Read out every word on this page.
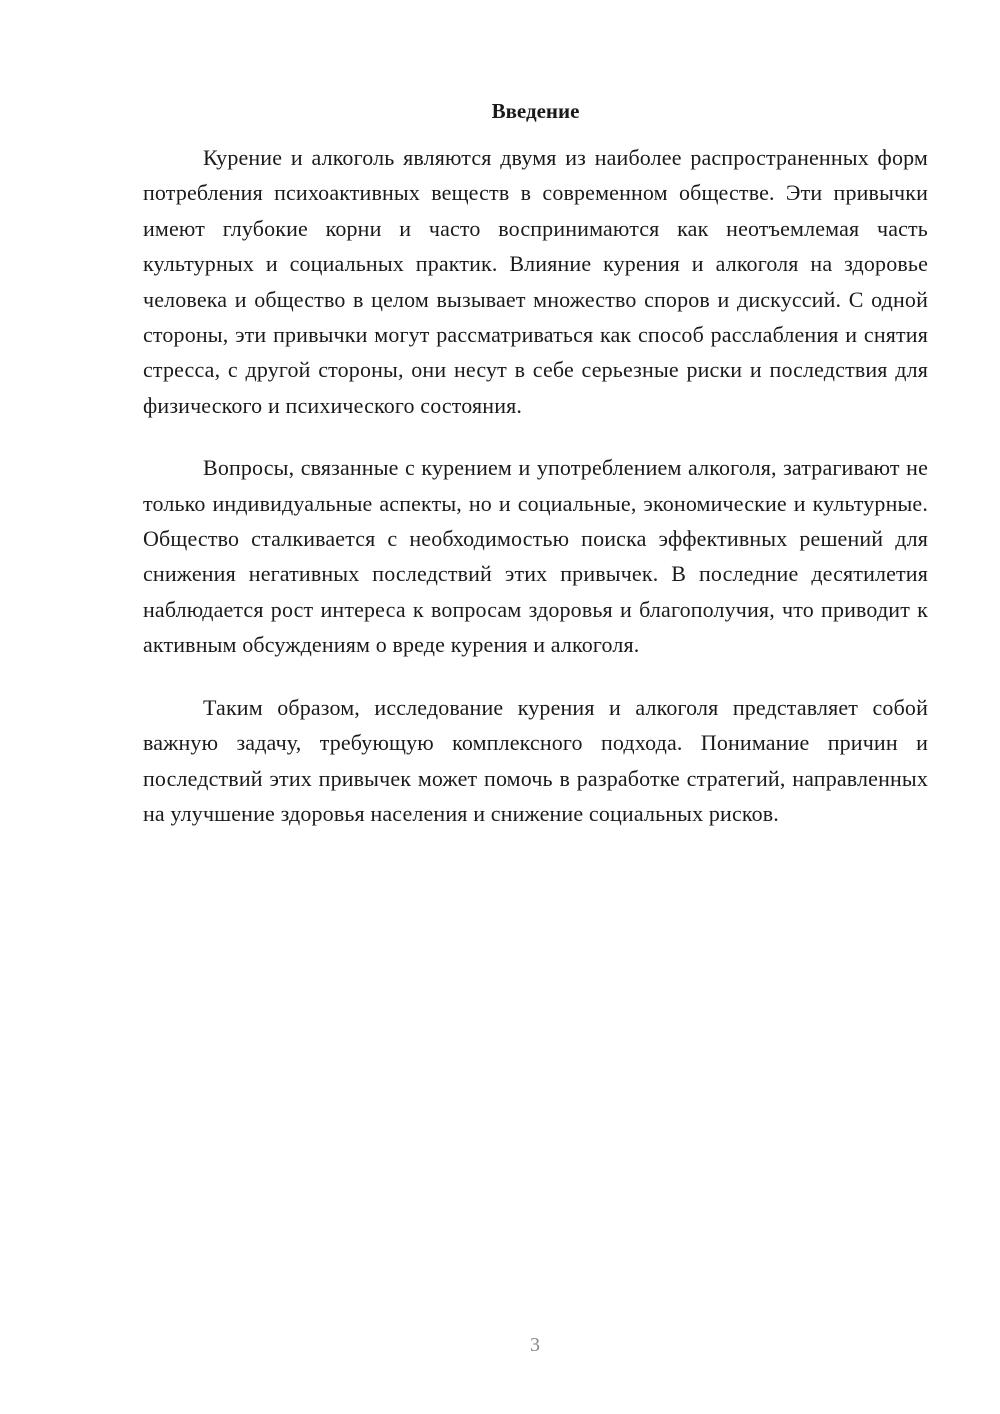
Введение

Курение и алкоголь являются двумя из наиболее распространенных форм потребления психоактивных веществ в современном обществе. Эти привычки имеют глубокие корни и часто воспринимаются как неотъемлемая часть культурных и социальных практик. Влияние курения и алкоголя на здоровье человека и общество в целом вызывает множество споров и дискуссий. С одной стороны, эти привычки могут рассматриваться как способ расслабления и снятия стресса, с другой стороны, они несут в себе серьезные риски и последствия для физического и психического состояния.

Вопросы, связанные с курением и употреблением алкоголя, затрагивают не только индивидуальные аспекты, но и социальные, экономические и культурные. Общество сталкивается с необходимостью поиска эффективных решений для снижения негативных последствий этих привычек. В последние десятилетия наблюдается рост интереса к вопросам здоровья и благополучия, что приводит к активным обсуждениям о вреде курения и алкоголя.

Таким образом, исследование курения и алкоголя представляет собой важную задачу, требующую комплексного подхода. Понимание причин и последствий этих привычек может помочь в разработке стратегий, направленных на улучшение здоровья населения и снижение социальных рисков.

3
